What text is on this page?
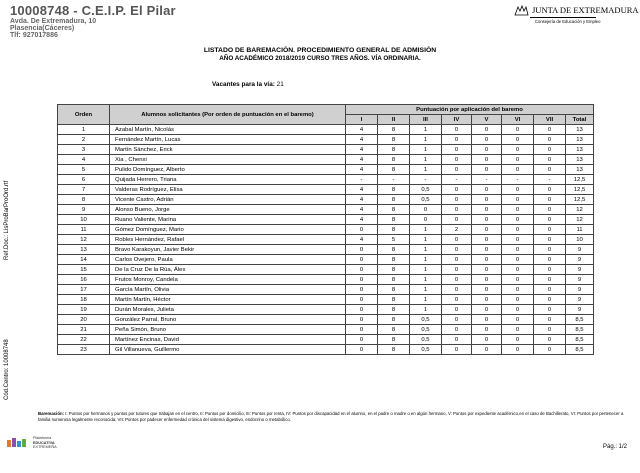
10008748 - C.E.I.P. El Pilar
Avda. De Extremadura, 10
Plasencia(Cáceres)
Tlf: 927017886
JUNTA DE EXTREMADURA
Consejería de Educación y Empleo
LISTADO DE BAREMACIÓN. PROCEDIMIENTO GENERAL DE ADMISIÓN
AÑO ACADÉMICO 2018/2019 CURSO TRES AÑOS. VÍA ORDINARIA.
Vacantes para la vía: 21
Ref.Doc.: LisProBarProOrd.rtf
Cód.Centro: 10008748
Orden	Alumnos solicitantes (Por orden de puntuación en el baremo)	Puntuación por aplicación del baremo							
		I	II	III	IV	V	VI	VII	Total
1	Azabal Martín, Nicolás	4	8	1	0	0	0	0	13
2	Fernández Martín, Lucas	4	8	1	0	0	0	0	13
3	Martín Sánchez, Erick	4	8	1	0	0	0	0	13
4	Xia , Chenxi	4	8	1	0	0	0	0	13
5	Pulido Domínguez, Alberto	4	8	1	0	0	0	0	13
6	Quijada Herrero, Triana	-	-	-	-	-	-	-	12,5
7	Valderas Rodríguez, Elisa	4	8	0,5	0	0	0	0	12,5
8	Vicente Castro, Adrián	4	8	0,5	0	0	0	0	12,5
9	Alonso Bueno, Jorge	4	8	0	0	0	0	0	12
10	Ruano Valiente, Marina	4	8	0	0	0	0	0	12
11	Gómez Domínguez, Mario	0	8	1	2	0	0	0	11
12	Robles Hernández, Rafael	4	5	1	0	0	0	0	10
13	Bravo Karakoyun, Javier Bekir	0	8	1	0	0	0	0	9
14	Carlos Ovejero, Paula	0	8	1	0	0	0	0	9
15	De la Cruz De la Rúa, Álex	0	8	1	0	0	0	0	9
16	Frutos Monroy, Candela	0	8	1	0	0	0	0	9
17	García Martín, Olivia	0	8	1	0	0	0	0	9
18	Martín Martín, Héctor	0	8	1	0	0	0	0	9
19	Durán Morales, Julieta	0	8	1	0	0	0	0	9
20	González Parral, Bruno	0	8	0,5	0	0	0	0	8,5
21	Peña Simón, Bruno	0	8	0,5	0	0	0	0	8,5
22	Martínez Encinas, David	0	8	0,5	0	0	0	0	8,5
23	Gil Villanueva, Guillermo	0	8	0,5	0	0	0	0	8,5
Baremación: I: Puntos por hermanos y puntos por tutores que trabajan en el centro, II: Puntos por domicilio, III: Puntos por renta, IV: Puntos por discapacidad en el alumno, en el padre o madre o en algún hermano, V: Puntos por expediente académico,en el caso de Bachillerato, VI: Puntos por pertenecer a familia numerosa legalmente reconocida, VII: Puntos por padecer enfermedad crónica del sistema digestivo, endocrino o metabólico.
Plataforma
EDUCATIVA
EXTREMEÑA	Pág.: 1/2
